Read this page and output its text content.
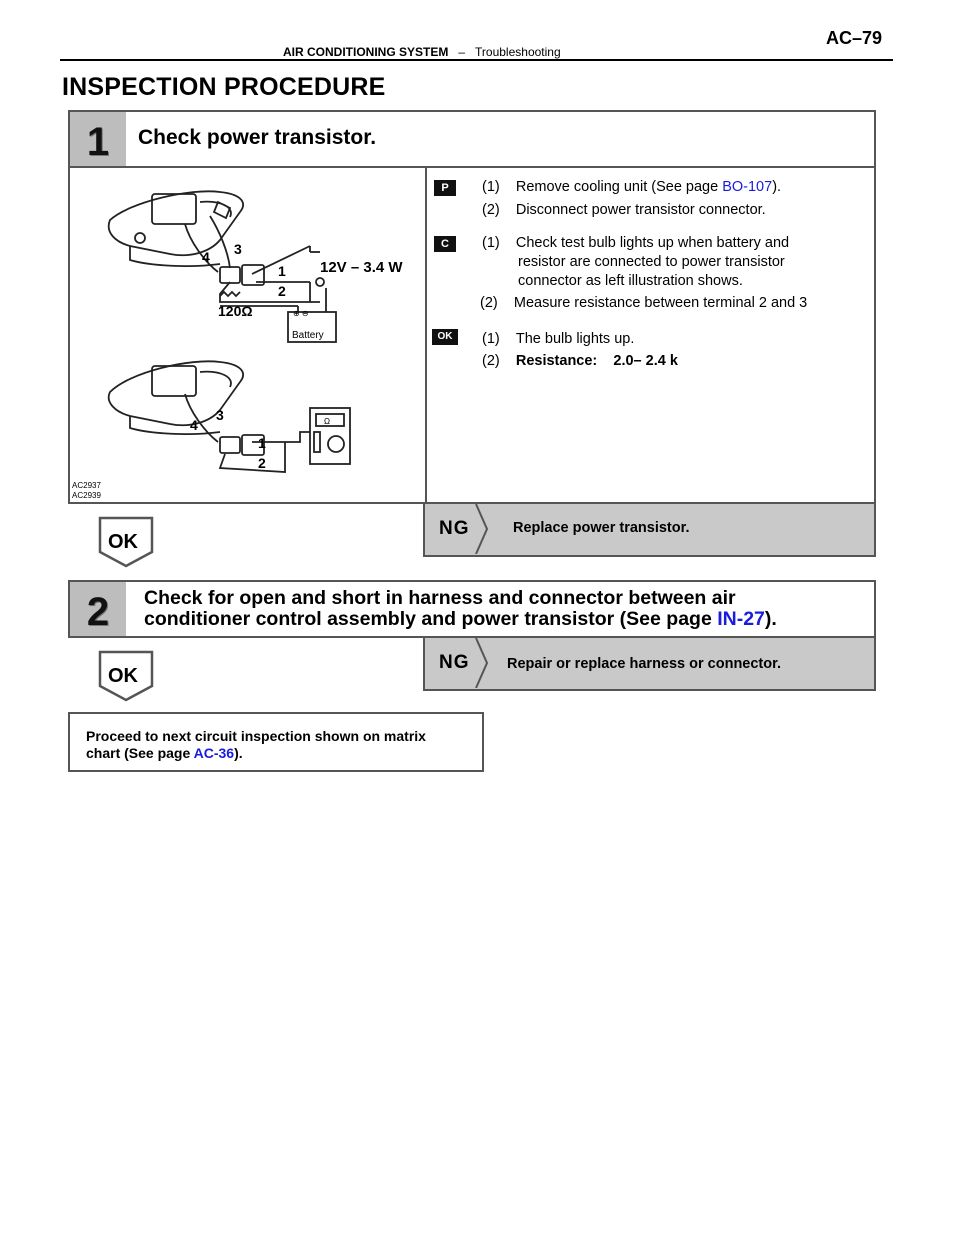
AIR CONDITIONING SYSTEM – Troubleshooting
AC–79
INSPECTION PROCEDURE
1	Check power transistor.
⊕ ⊖
Battery
12V – 3.4 W
120Ω
4 3
1
2
Ω
4
3
1
2
AC2937
AC2939
P	(1) Remove cooling unit (See page BO-107).
(2) Disconnect power transistor connector.
C	(1) Check test bulb lights up when battery and
resistor are connected to power transistor
connector as left illustration shows.
(2) Measure resistance between terminal 2 and 3
OK	(1) The bulb lights up.
(2) Resistance: 2.0– 2.4 k
NG	Replace power transistor.
OK
2	Check for open and short in harness and connector between air
conditioner control assembly and power transistor (See page IN-27).
NG	Repair or replace harness or connector.
OK
Proceed to next circuit inspection shown on matrix
chart (See page AC-36).
